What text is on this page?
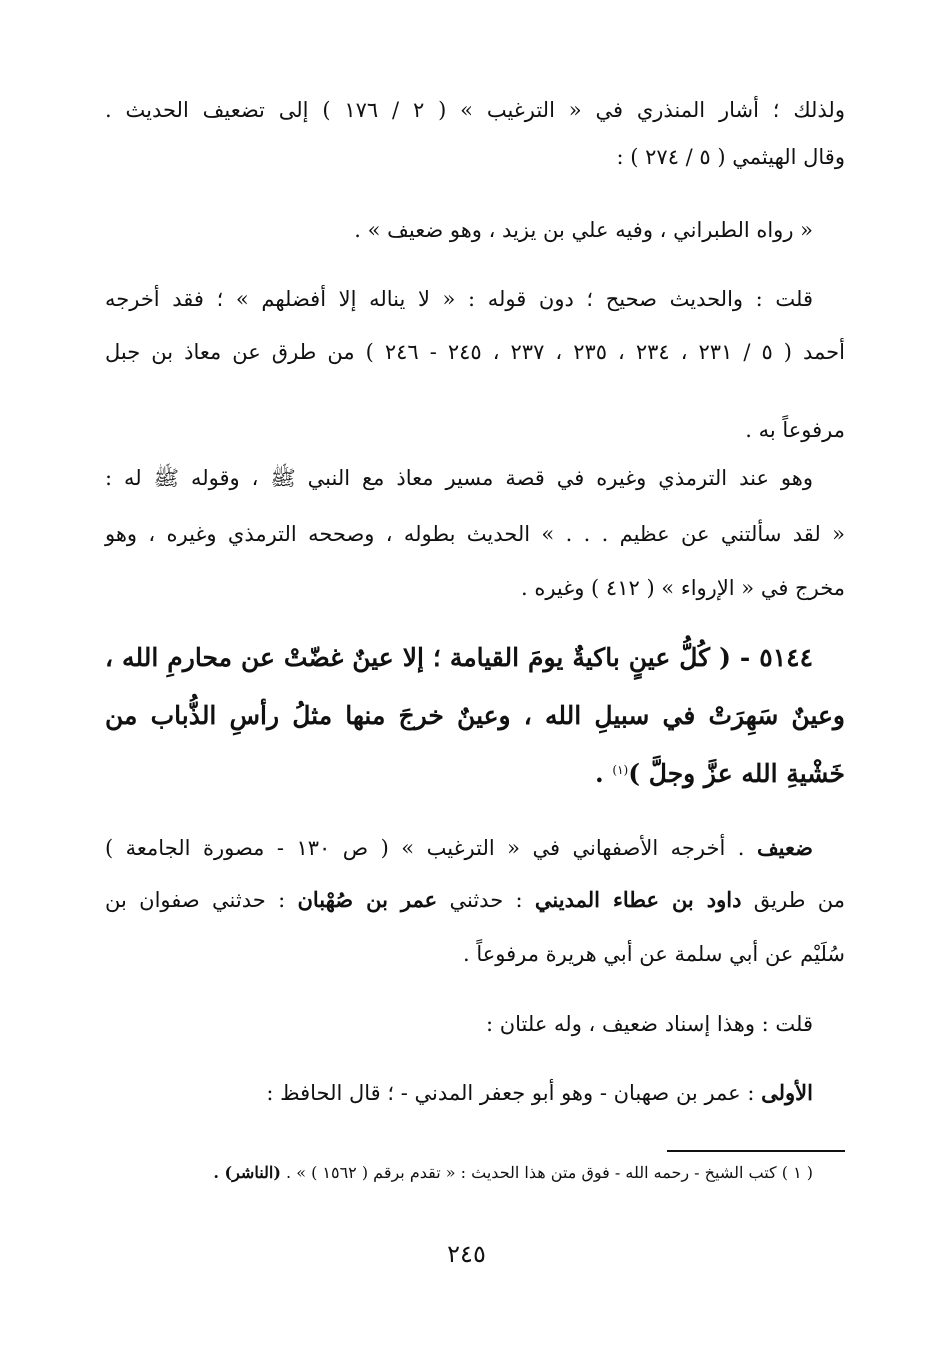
ولذلك ؛ أشار المنذري في « الترغيب » ( ٢ / ١٧٦ ) إلى تضعيف الحديث .
وقال الهيثمي ( ٥ / ٢٧٤ ) :
« رواه الطبراني ، وفيه علي بن يزيد ، وهو ضعيف » .
قلت : والحديث صحيح ؛ دون قوله : « لا يناله إلا أفضلهم » ؛ فقد أخرجه
أحمد ( ٥ / ٢٣١ ، ٢٣٤ ، ٢٣٥ ، ٢٣٧ ، ٢٤٥ - ٢٤٦ ) من طرق عن معاذ بن جبل
مرفوعاً به .
وهو عند الترمذي وغيره في قصة مسير معاذ مع النبي ﷺ ، وقوله ﷺ له :
« لقد سألتني عن عظيم . . . » الحديث بطوله ، وصححه الترمذي وغيره ، وهو
مخرج في « الإرواء » ( ٤١٢ ) وغيره .
٥١٤٤ - ( كُلُّ عينٍ باكيةٌ يومَ القيامة ؛ إلا عينٌ غضّتْ عن محارمِ الله ،
وعينٌ سَهِرَتْ في سبيلِ الله ، وعينٌ خرجَ منها مثلُ رأسِ الذُّباب من
خَشْيةِ الله عزَّ وجلَّ )$^{(١)}$ .
ضعيف . أخرجه الأصفهاني في « الترغيب » ( ص ١٣٠ - مصورة الجامعة )
من طريق داود بن عطاء المديني : حدثني عمر بن صُهْبان : حدثني صفوان بن
سُلَيْم عن أبي سلمة عن أبي هريرة مرفوعاً .
قلت : وهذا إسناد ضعيف ، وله علتان :
الأولى : عمر بن صهبان - وهو أبو جعفر المدني - ؛ قال الحافظ :
( ١ ) كتب الشيخ - رحمه الله - فوق متن هذا الحديث : « تقدم برقم ( ١٥٦٢ ) » . (الناشر) .
٢٤٥
